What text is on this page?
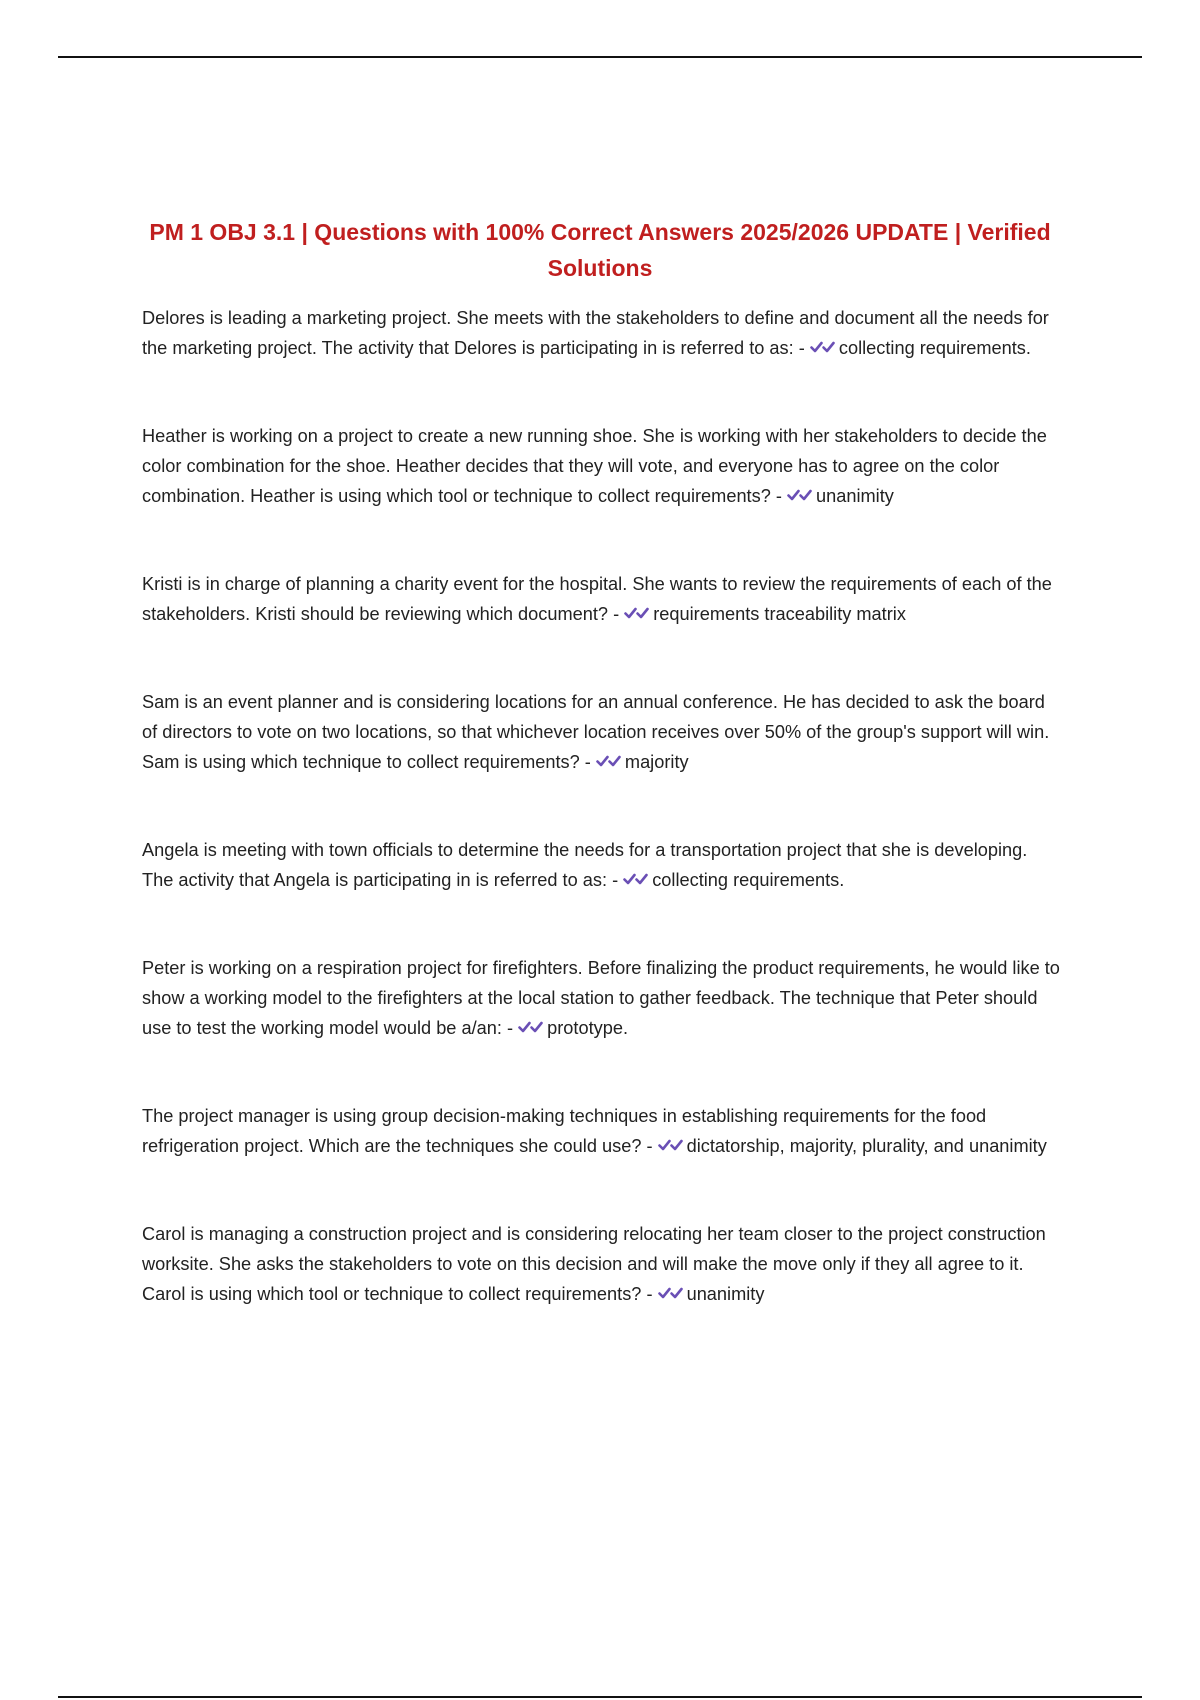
PM 1 OBJ 3.1 | Questions with 100% Correct Answers 2025/2026 UPDATE | Verified Solutions

Delores is leading a marketing project. She meets with the stakeholders to define and document all the needs for the marketing project. The activity that Delores is participating in is referred to as: - collecting requirements.

Heather is working on a project to create a new running shoe. She is working with her stakeholders to decide the color combination for the shoe. Heather decides that they will vote, and everyone has to agree on the color combination. Heather is using which tool or technique to collect requirements? - unanimity

Kristi is in charge of planning a charity event for the hospital. She wants to review the requirements of each of the stakeholders. Kristi should be reviewing which document? - requirements traceability matrix

Sam is an event planner and is considering locations for an annual conference. He has decided to ask the board of directors to vote on two locations, so that whichever location receives over 50% of the group's support will win. Sam is using which technique to collect requirements? - majority

Angela is meeting with town officials to determine the needs for a transportation project that she is developing. The activity that Angela is participating in is referred to as: - collecting requirements.

Peter is working on a respiration project for firefighters. Before finalizing the product requirements, he would like to show a working model to the firefighters at the local station to gather feedback. The technique that Peter should use to test the working model would be a/an: - prototype.

The project manager is using group decision-making techniques in establishing requirements for the food refrigeration project. Which are the techniques she could use? - dictatorship, majority, plurality, and unanimity

Carol is managing a construction project and is considering relocating her team closer to the project construction worksite. She asks the stakeholders to vote on this decision and will make the move only if they all agree to it. Carol is using which tool or technique to collect requirements? - unanimity
